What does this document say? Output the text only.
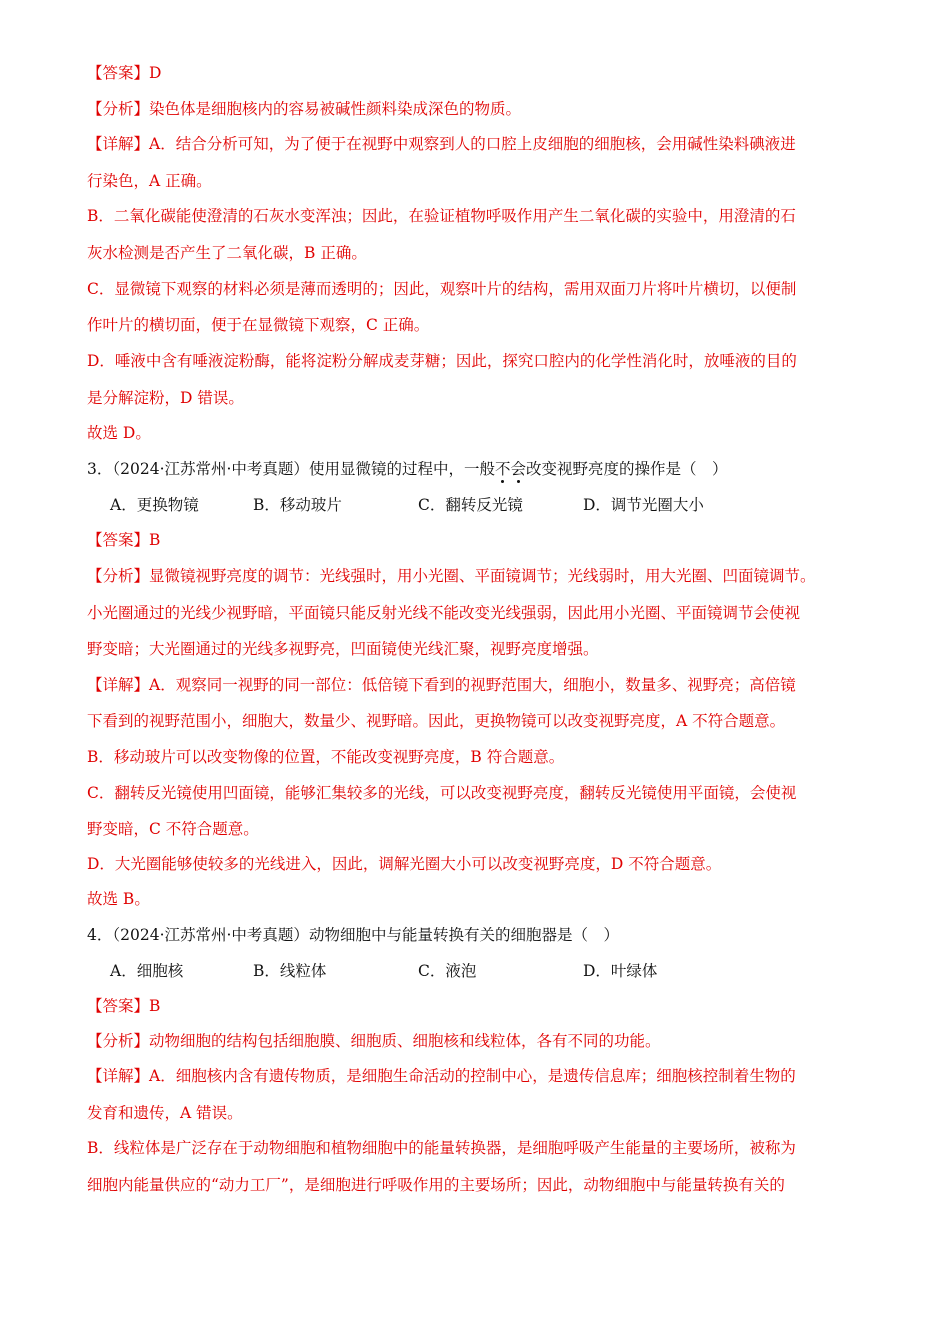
【答案】D
【分析】染色体是细胞核内的容易被碱性颜料染成深色的物质。
【详解】A．结合分析可知，为了便于在视野中观察到人的口腔上皮细胞的细胞核，会用碱性染料碘液进
行染色，A 正确。
B．二氧化碳能使澄清的石灰水变浑浊；因此，在验证植物呼吸作用产生二氧化碳的实验中，用澄清的石
灰水检测是否产生了二氧化碳，B 正确。
C．显微镜下观察的材料必须是薄而透明的；因此，观察叶片的结构，需用双面刀片将叶片横切，以便制
作叶片的横切面，便于在显微镜下观察，C 正确。
D．唾液中含有唾液淀粉酶，能将淀粉分解成麦芽糖；因此，探究口腔内的化学性消化时，放唾液的目的
是分解淀粉，D 错误。
故选 D。
3．（2024·江苏常州·中考真题）使用显微镜的过程中，一般不会改变视野亮度的操作是（　）
A．更换物镜	B．移动玻片	C．翻转反光镜	D．调节光圈大小
【答案】B
【分析】显微镜视野亮度的调节：光线强时，用小光圈、平面镜调节；光线弱时，用大光圈、凹面镜调节。
小光圈通过的光线少视野暗，平面镜只能反射光线不能改变光线强弱，因此用小光圈、平面镜调节会使视
野变暗；大光圈通过的光线多视野亮，凹面镜使光线汇聚，视野亮度增强。
【详解】A．观察同一视野的同一部位：低倍镜下看到的视野范围大，细胞小，数量多、视野亮；高倍镜
下看到的视野范围小，细胞大，数量少、视野暗。因此，更换物镜可以改变视野亮度，A 不符合题意。
B．移动玻片可以改变物像的位置，不能改变视野亮度，B 符合题意。
C．翻转反光镜使用凹面镜，能够汇集较多的光线，可以改变视野亮度，翻转反光镜使用平面镜，会使视
野变暗，C 不符合题意。
D．大光圈能够使较多的光线进入，因此，调解光圈大小可以改变视野亮度，D 不符合题意。
故选 B。
4．（2024·江苏常州·中考真题）动物细胞中与能量转换有关的细胞器是（　）
A．细胞核	B．线粒体	C．液泡	D．叶绿体
【答案】B
【分析】动物细胞的结构包括细胞膜、细胞质、细胞核和线粒体，各有不同的功能。
【详解】A．细胞核内含有遗传物质，是细胞生命活动的控制中心，是遗传信息库；细胞核控制着生物的
发育和遗传，A 错误。
B．线粒体是广泛存在于动物细胞和植物细胞中的能量转换器，是细胞呼吸产生能量的主要场所，被称为
细胞内能量供应的“动力工厂”，是细胞进行呼吸作用的主要场所；因此，动物细胞中与能量转换有关的
